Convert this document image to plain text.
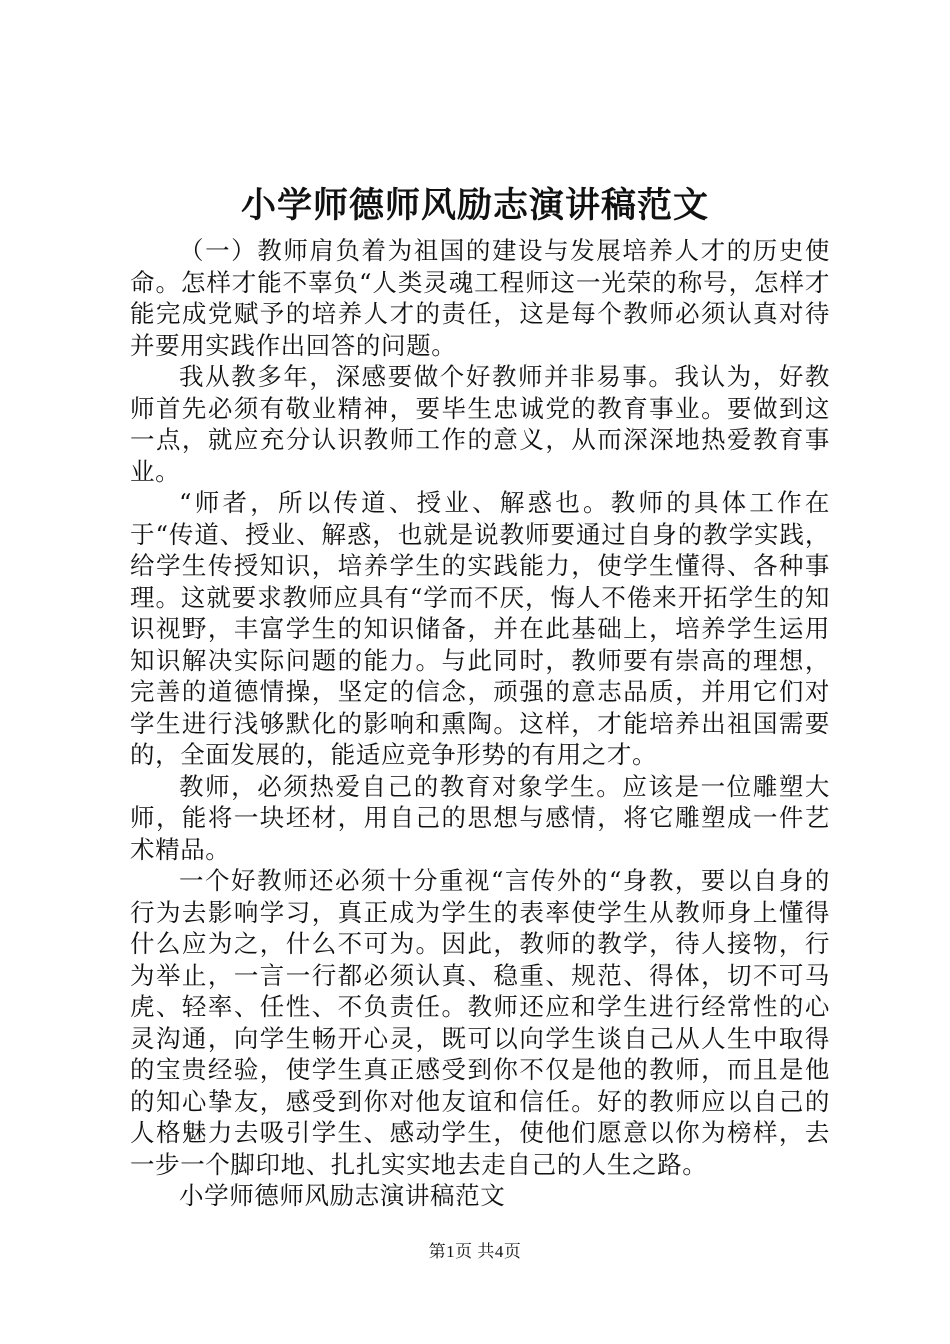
小学师德师风励志演讲稿范文

（一）教师肩负着为祖国的建设与发展培养人才的历史使命。怎样才能不辜负“人类灵魂工程师这一光荣的称号，怎样才能完成党赋予的培养人才的责任，这是每个教师必须认真对待并要用实践作出回答的问题。

我从教多年，深感要做个好教师并非易事。我认为，好教师首先必须有敬业精神，要毕生忠诚党的教育事业。要做到这一点，就应充分认识教师工作的意义，从而深深地热爱教育事业。

“师者，所以传道、授业、解惑也。教师的具体工作在于“传道、授业、解惑，也就是说教师要通过自身的教学实践，给学生传授知识，培养学生的实践能力，使学生懂得、各种事理。这就要求教师应具有“学而不厌，悔人不倦来开拓学生的知识视野，丰富学生的知识储备，并在此基础上，培养学生运用知识解决实际问题的能力。与此同时，教师要有崇高的理想，完善的道德情操，坚定的信念，顽强的意志品质，并用它们对学生进行浅够默化的影响和熏陶。这样，才能培养出祖国需要的，全面发展的，能适应竞争形势的有用之才。

教师，必须热爱自己的教育对象学生。应该是一位雕塑大师，能将一块坯材，用自己的思想与感情，将它雕塑成一件艺术精品。

一个好教师还必须十分重视“言传外的“身教，要以自身的行为去影响学习，真正成为学生的表率使学生从教师身上懂得什么应为之，什么不可为。因此，教师的教学，待人接物，行为举止，一言一行都必须认真、稳重、规范、得体，切不可马虎、轻率、任性、不负责任。教师还应和学生进行经常性的心灵沟通，向学生畅开心灵，既可以向学生谈自己从人生中取得的宝贵经验，使学生真正感受到你不仅是他的教师，而且是他的知心挚友，感受到你对他友谊和信任。好的教师应以自己的人格魅力去吸引学生、感动学生，使他们愿意以你为榜样，去一步一个脚印地、扎扎实实地去走自己的人生之路。

小学师德师风励志演讲稿范文

第1页 共4页
